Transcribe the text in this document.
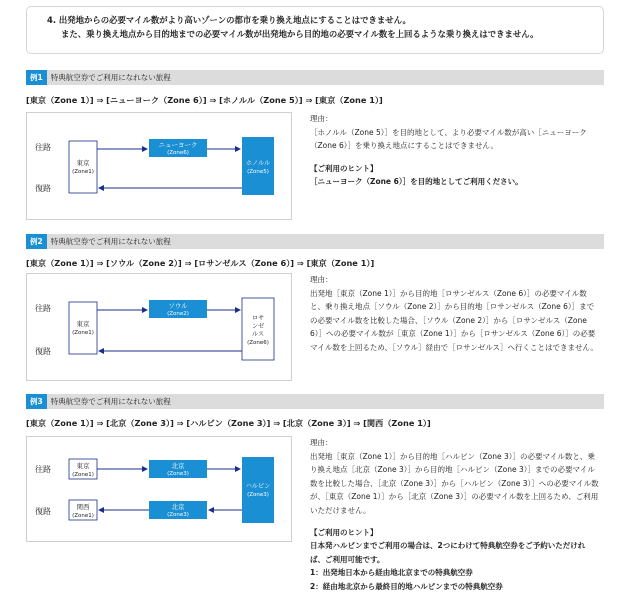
4. 出発地からの必要マイル数がより高いゾーンの都市を乗り換え地点にすることはできません。

また、乗り換え地点から目的地までの必要マイル数が出発地から目的地の必要マイル数を上回るような乗り換えはできません。

例1 特典航空券でご利用になれない旅程
[東京（Zone 1）] ⇒ [ニューヨーク（Zone 6）] ⇒ [ホノルル（Zone 5）] ⇒ [東京（Zone 1）]
往路
復路
東京
(Zone1)
ニューヨーク
(Zone6)
ホノルル
(Zone5)

理由：

［ホノルル（Zone 5）］を目的地として、より必要マイル数が高い［ニューヨーク（Zone 6）］を乗り換え地点にすることはできません。

【ご利用のヒント】

［ニューヨーク（Zone 6）］を目的地としてご利用ください。

例2 特典航空券でご利用になれない旅程
[東京（Zone 1）] ⇒ [ソウル（Zone 2）] ⇒ [ロサンゼルス（Zone 6）] ⇒ [東京（Zone 1）]
往路
復路
東京
(Zone1)
ソウル
(Zone2)
ロサ
ンゼ
ルス
(Zone6)

理由：

出発地［東京（Zone 1）］から目的地［ロサンゼルス（Zone 6）］の必要マイル数と、乗り換え地点［ソウル（Zone 2）］から目的地［ロサンゼルス（Zone 6）］までの必要マイル数を比較した場合、［ソウル（Zone 2）］から［ロサンゼルス（Zone 6）］への必要マイル数が［東京（Zone 1）］から［ロサンゼルス（Zone 6）］の必要マイル数を上回るため、［ソウル］経由で［ロサンゼルス］へ行くことはできません。

例3 特典航空券でご利用になれない旅程
[東京（Zone 1）] ⇒ [北京（Zone 3）] ⇒ [ハルビン（Zone 3）] ⇒ [北京（Zone 3）] ⇒ [関西（Zone 1）]
往路
復路
東京
(Zone1)
関西
(Zone1)
北京
(Zone3)
ハルビン
(Zone3)
北京
(Zone3)

理由：

出発地［東京（Zone 1）］から目的地［ハルビン（Zone 3）］の必要マイル数と、乗り換え地点［北京（Zone 3）］から目的地［ハルビン（Zone 3）］までの必要マイル数を比較した場合、［北京（Zone 3）］から［ハルビン（Zone 3）］への必要マイル数が、［東京（Zone 1）］から［北京（Zone 3）］の必要マイル数を上回るため、ご利用いただけません。

【ご利用のヒント】

日本発ハルビンまでご利用の場合は、2つにわけて特典航空券をご予約いただければ、ご利用可能です。

1：出発地日本から経由地北京までの特典航空券

2：経由地北京から最終目的地ハルビンまでの特典航空券
